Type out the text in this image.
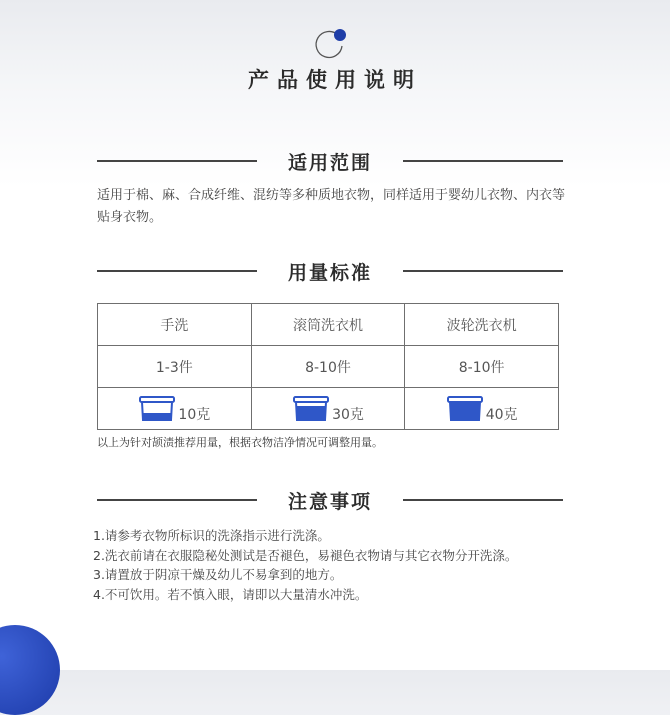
产品使用说明
适用范围
适用于棉、麻、合成纤维、混纺等多种质地衣物，同样适用于婴幼儿衣物、内衣等贴身衣物。
用量标准
手洗	滚筒洗衣机	波轮洗衣机
1-3件	8-10件	8-10件

10克	30克	40克
以上为针对颉渍推荐用量，根据衣物洁净情况可调整用量。
注意事项
1.请参考衣物所标识的洗涤指示进行洗涤。
2.洗衣前请在衣服隐秘处测试是否褪色，易褪色衣物请与其它衣物分开洗涤。
3.请置放于阴凉干燥及幼儿不易拿到的地方。
4.不可饮用。若不慎入眼，请即以大量清水冲洗。
